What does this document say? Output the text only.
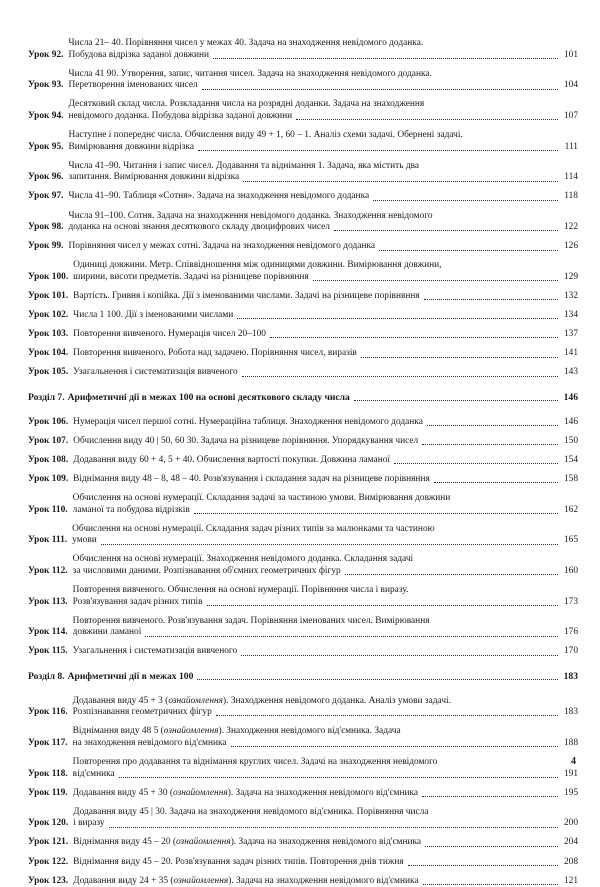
Урок 92.
Числа 21– 40. Порівняння чисел у межах 40. Задача на знаходження невідомого доданка.
Побудова відрізка заданої довжини	101
Урок 93.
Числа 41 90. Утворення, запис, читання чисел. Задача на знаходження невідомого доданка.
Перетворення іменованих чисел	104
Урок 94.
Десятковий склад числа. Розкладання числа на розрядні доданки. Задача на знаходження
невідомого доданка. Побудова відрізка заданої довжини	107
Урок 95.
Наступне і попереднє числа. Обчислення виду 49 + 1, 60 – 1. Аналіз схеми задачі. Обернені задачі.
Вимірювання довжини відрізка	111
Урок 96.
Числа 41–90. Читання і запис чисел. Додавання та віднімання 1. Задача, яка містить два
запитання. Вимірювання довжини відрізка	114
Урок 97. Числа 41–90. Таблиця «Сотня». Задача на знаходження невідомого доданка	118
Урок 98.
Числа 91–100. Сотня. Задача на знаходження невідомого доданка. Знаходження невідомого
доданка на основі знання десяткового складу двоцифрових чисел	122
Урок 99. Порівняння чисел у межах сотні. Задача на знаходження невідомого доданка	126
Урок 100.
Одиниці довжини. Метр. Співвідношення між одиницями довжини. Вимірювання довжини,
ширини, висоти предметів. Задачі на різницеве порівняння	129
Урок 101. Вартість. Гривня і копійка. Дії з іменованими числами. Задачі на різницеве порівняння	132
Урок 102. Числа 1 100. Дії з іменованими числами	134
Урок 103. Повторення вивченого. Нумерація чисел 20–100	137
Урок 104. Повторення вивченого. Робота над задачею. Порівняння чисел, виразів	141
Урок 105. Узагальнення і систематизація вивченого	143
Розділ 7. Арифметичні дії в межах 100 на основі десяткового складу числа	146
Урок 106. Нумерація чисел першої сотні. Нумераційна таблиця. Знаходження невідомого доданка	146
Урок 107. Обчислення виду 40 | 50, 60 30. Задача на різницеве порівняння. Упорядкування чисел	150
Урок 108. Додавання виду 60 + 4, 5 + 40. Обчислення вартості покупки. Довжина ламаної	154
Урок 109. Віднімання виду 48 – 8, 48 – 40. Розв'язування і складання задач на різницеве порівняння	158
Урок 110.
Обчислення на основі нумерації. Складання задачі за частиною умови. Вимірювання довжини
ламаної та побудова відрізків	162
Урок 111.
Обчислення на основі нумерації. Складання задач різних типів за малюнками та частиною
умови	165
Урок 112.
Обчислення на основі нумерації. Знаходження невідомого доданка. Складання задачі
за числовими даними. Розпізнавання об'ємних геометричних фігур	160
Урок 113.
Повторення вивченого. Обчислення на основі нумерації. Порівняння числа і виразу.
Розв'язування задач різних типів	173
Урок 114.
Повторення вивченого. Розв'язування задач. Порівняння іменованих чисел. Вимірювання
довжини ламаної	176
Урок 115. Узагальнення і систематизація вивченого	170
Розділ 8. Арифметичні дії в межах 100	183
Урок 116.
Додавання виду 45 + 3 (ознайомлення). Знаходження невідомого доданка. Аналіз умови задачі.
Розпізнавання геометричних фігур	183
Урок 117.
Віднімання виду 48 5 (ознайомлення). Знаходження невідомого від'ємника. Задача
на знаходження невідомого від'ємника	188
Урок 118.
Повторення про додавання та віднімання круглих чисел. Задачі на знаходження невідомого
від'ємника	191
Урок 119. Додавання виду 45 + 30 (ознайомлення). Задача на знаходження невідомого від'ємника	195
Урок 120.
Додавання виду 45 | 30. Задача на знаходження невідомого від'ємника. Порівняння числа
і виразу	200
Урок 121. Віднімання виду 45 – 20 (ознайомлення). Задача на знаходження невідомого від'ємника	204
Урок 122. Віднімання виду 45 – 20. Розв'язування задач різних типів. Повторення днів тижня	208
Урок 123. Додавання виду 24 + 35 (ознайомлення). Задача на знаходження невідомого від'ємника	121
4
